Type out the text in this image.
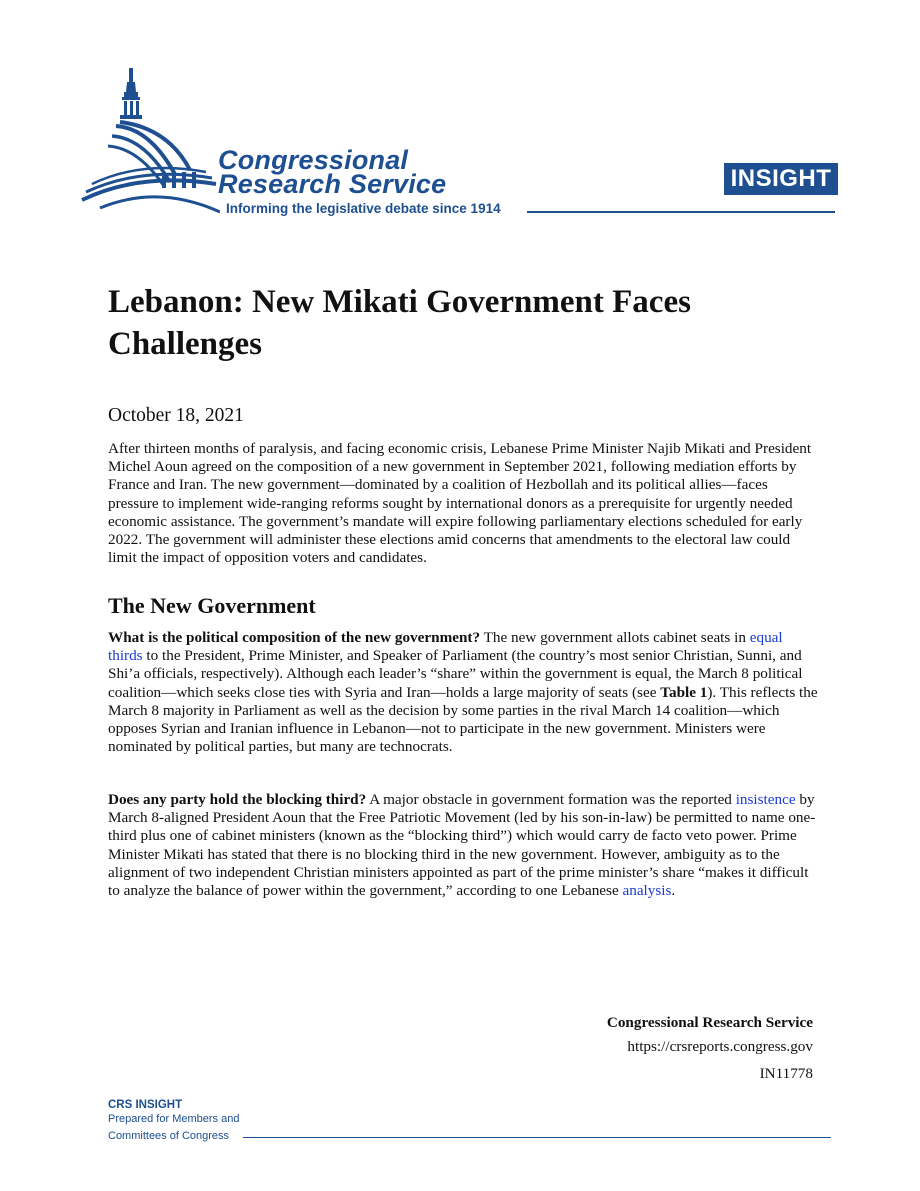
Congressional
Research Service
Informing the legislative debate since 1914
INSIGHT
Lebanon: New Mikati Government Faces Challenges
October 18, 2021

After thirteen months of paralysis, and facing economic crisis, Lebanese Prime Minister Najib Mikati and President Michel Aoun agreed on the composition of a new government in September 2021, following mediation efforts by France and Iran. The new government—dominated by a coalition of Hezbollah and its political allies—faces pressure to implement wide-ranging reforms sought by international donors as a prerequisite for urgently needed economic assistance. The government’s mandate will expire following parliamentary elections scheduled for early 2022. The government will administer these elections amid concerns that amendments to the electoral law could limit the impact of opposition voters and candidates.

The New Government

What is the political composition of the new government? The new government allots cabinet seats in equal thirds to the President, Prime Minister, and Speaker of Parliament (the country’s most senior Christian, Sunni, and Shi’a officials, respectively). Although each leader’s “share” within the government is equal, the March 8 political coalition—which seeks close ties with Syria and Iran—holds a large majority of seats (see Table 1). This reflects the March 8 majority in Parliament as well as the decision by some parties in the rival March 14 coalition—which opposes Syrian and Iranian influence in Lebanon—not to participate in the new government. Ministers were nominated by political parties, but many are technocrats.

Does any party hold the blocking third? A major obstacle in government formation was the reported insistence by March 8-aligned President Aoun that the Free Patriotic Movement (led by his son-in-law) be permitted to name one-third plus one of cabinet ministers (known as the “blocking third”) which would carry de facto veto power. Prime Minister Mikati has stated that there is no blocking third in the new government. However, ambiguity as to the alignment of two independent Christian ministers appointed as part of the prime minister’s share “makes it difficult to analyze the balance of power within the government,” according to one Lebanese analysis.

Congressional Research Service
https://crsreports.congress.gov
IN11778
CRS INSIGHT
Prepared for Members and
Committees of Congress
